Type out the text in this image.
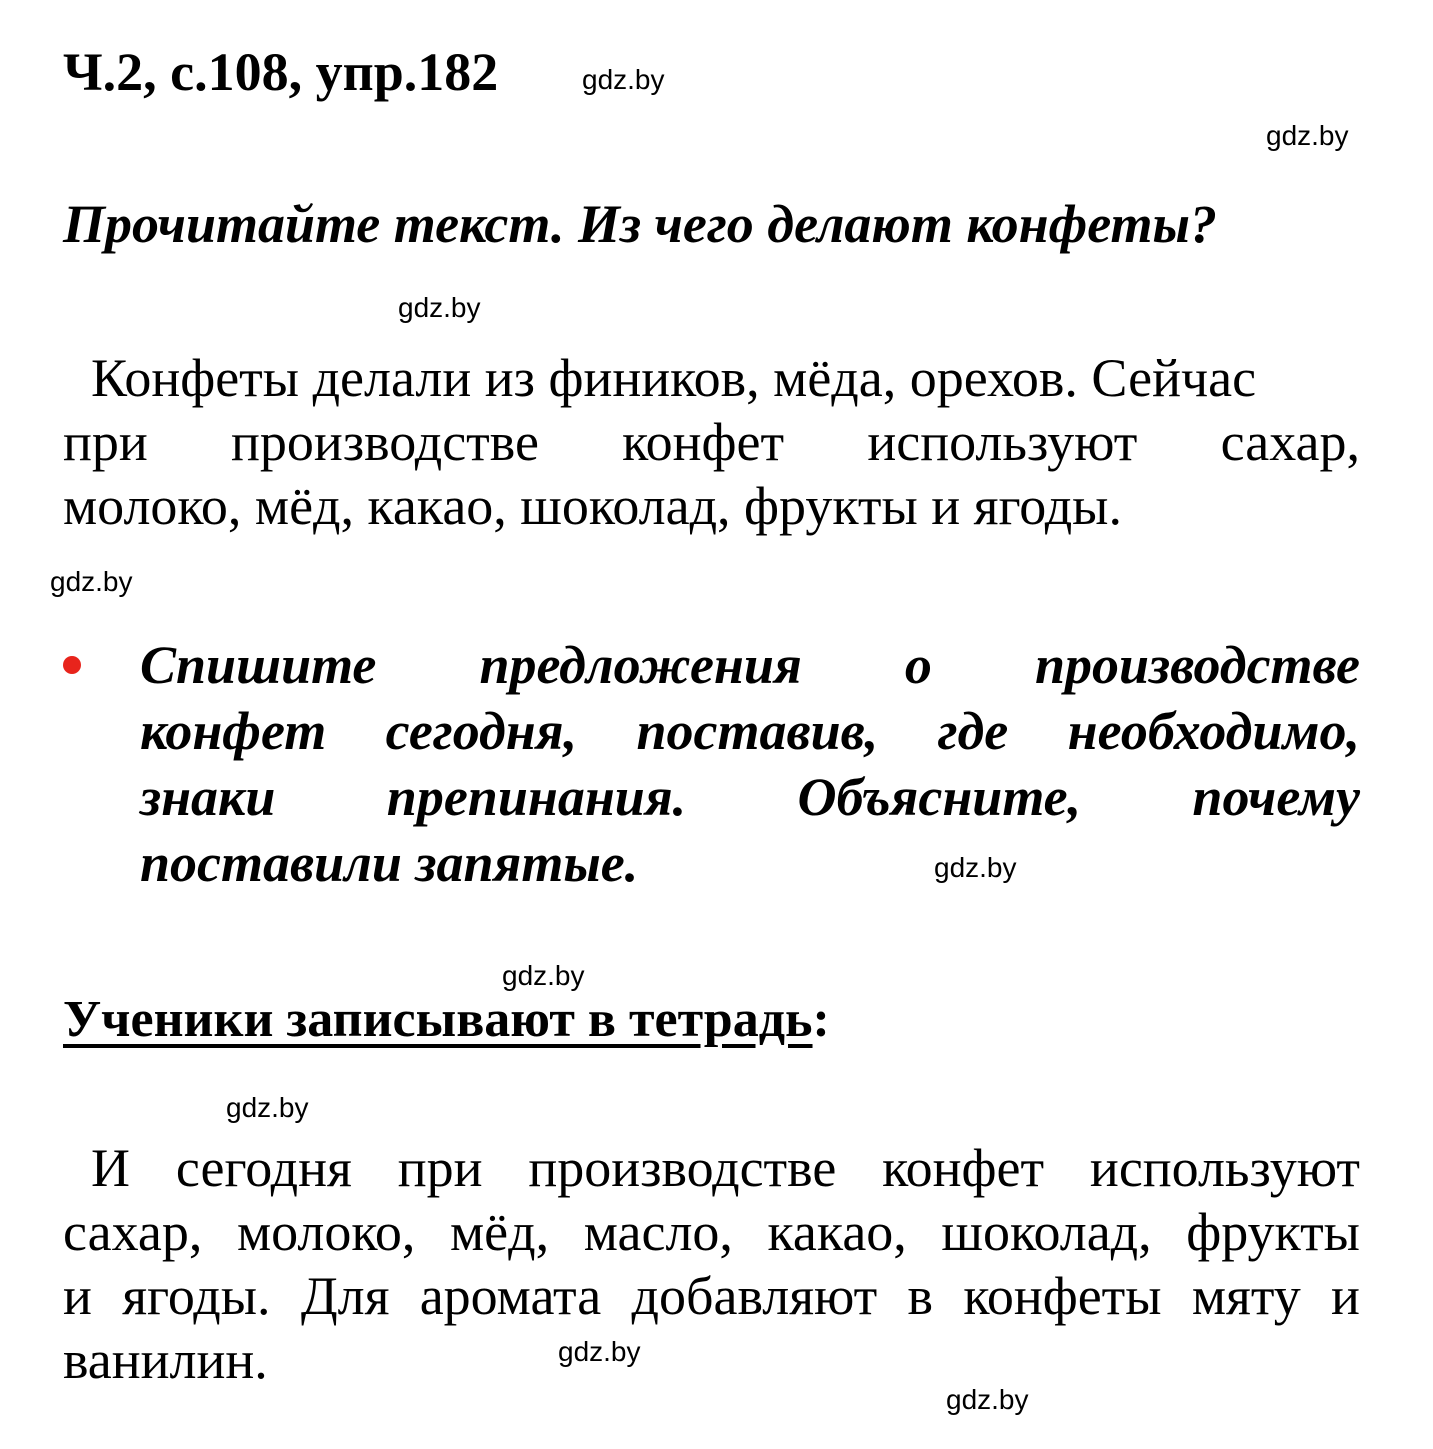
Ч.2, с.108, упр.182
Прочитайте текст. Из чего делают конфеты?
Конфеты делали из фиников, мёда, орехов. Сейчас
при производстве конфет используют сахар,
молоко, мёд, какао, шоколад, фрукты и ягоды.
Спишите предложения о производстве
конфет сегодня, поставив, где необходимо,
знаки препинания. Объясните, почему
поставили запятые.
Ученики записывают в тетрадь:
И сегодня при производстве конфет используют
сахар, молоко, мёд, масло, какао, шоколад, фрукты
и ягоды. Для аромата добавляют в конфеты мяту и
ванилин.
gdz.by
gdz.by
gdz.by
gdz.by
gdz.by
gdz.by
gdz.by
gdz.by
gdz.by
